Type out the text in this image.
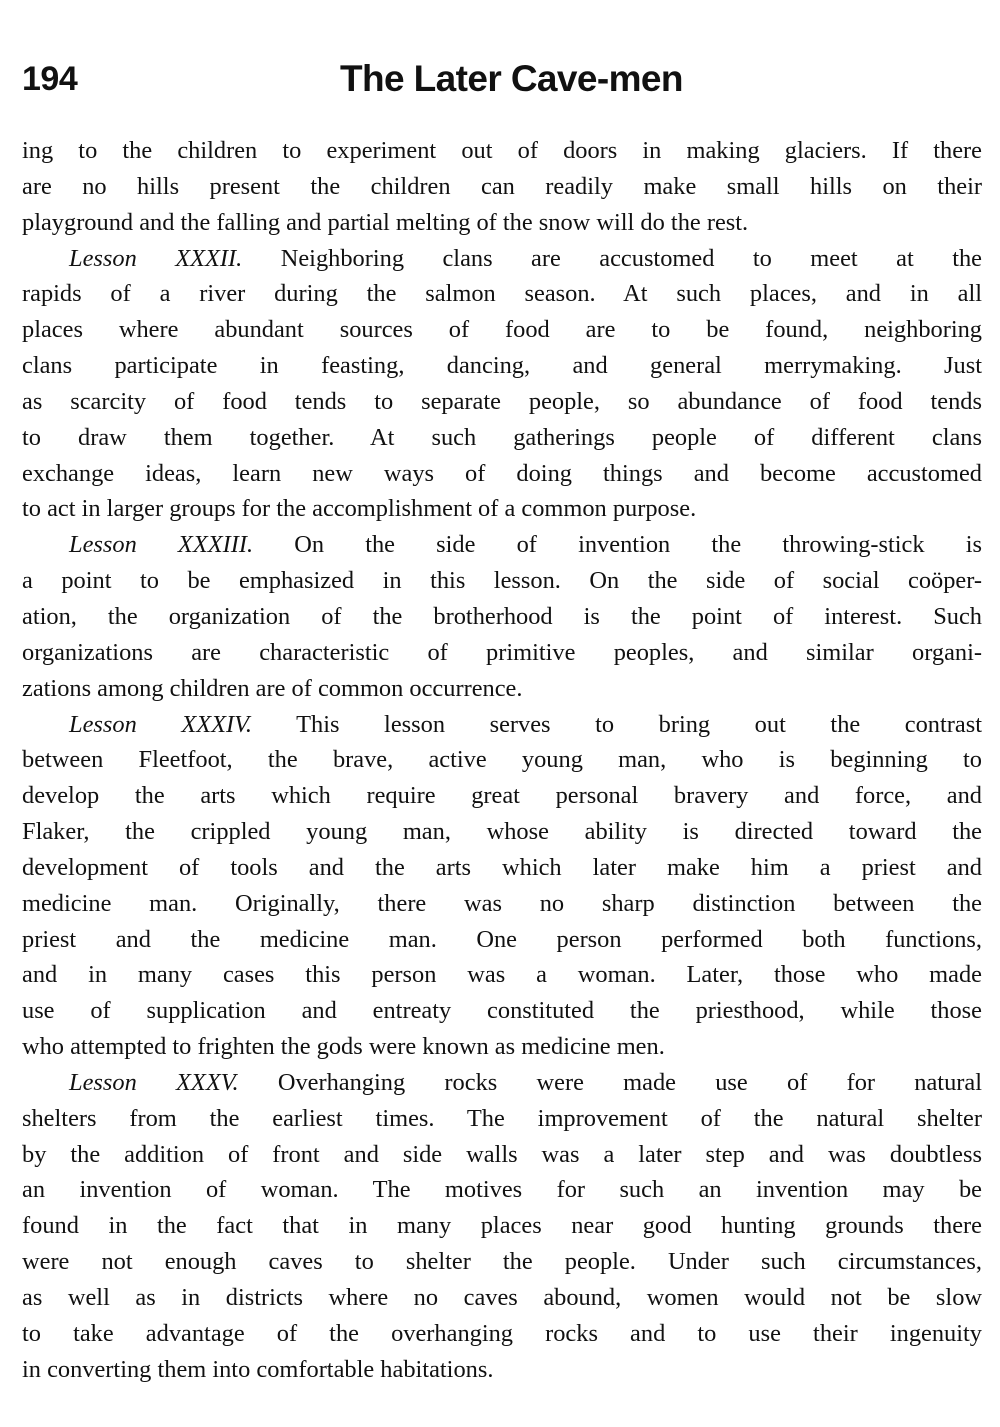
194	The Later Cave-men
ing to the children to experiment out of doors in making glaciers. If there
are no hills present the children can readily make small hills on their
playground and the falling and partial melting of the snow will do the rest.
Lesson XXXII. Neighboring clans are accustomed to meet at the
rapids of a river during the salmon season. At such places, and in all
places where abundant sources of food are to be found, neighboring
clans participate in feasting, dancing, and general merrymaking. Just
as scarcity of food tends to separate people, so abundance of food tends
to draw them together. At such gatherings people of different clans
exchange ideas, learn new ways of doing things and become accustomed
to act in larger groups for the accomplishment of a common purpose.
Lesson XXXIII. On the side of invention the throwing-stick is
a point to be emphasized in this lesson. On the side of social coöper-
ation, the organization of the brotherhood is the point of interest. Such
organizations are characteristic of primitive peoples, and similar organi-
zations among children are of common occurrence.
Lesson XXXIV. This lesson serves to bring out the contrast
between Fleetfoot, the brave, active young man, who is beginning to
develop the arts which require great personal bravery and force, and
Flaker, the crippled young man, whose ability is directed toward the
development of tools and the arts which later make him a priest and
medicine man. Originally, there was no sharp distinction between the
priest and the medicine man. One person performed both functions,
and in many cases this person was a woman. Later, those who made
use of supplication and entreaty constituted the priesthood, while those
who attempted to frighten the gods were known as medicine men.
Lesson XXXV. Overhanging rocks were made use of for natural
shelters from the earliest times. The improvement of the natural shelter
by the addition of front and side walls was a later step and was doubtless
an invention of woman. The motives for such an invention may be
found in the fact that in many places near good hunting grounds there
were not enough caves to shelter the people. Under such circumstances,
as well as in districts where no caves abound, women would not be slow
to take advantage of the overhanging rocks and to use their ingenuity
in converting them into comfortable habitations.
